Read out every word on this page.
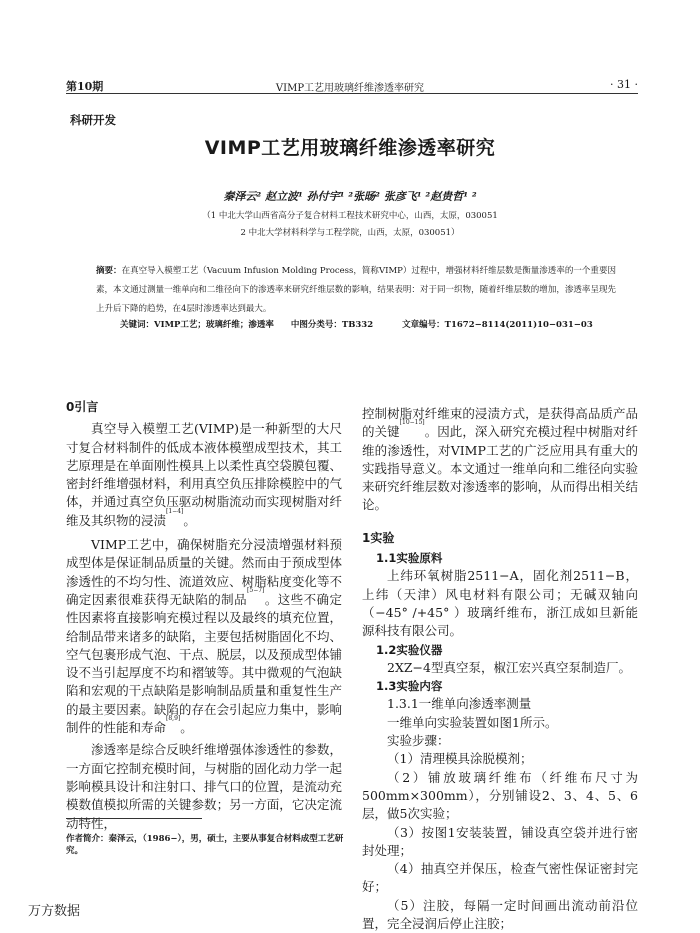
第10期	VIMP工艺用玻璃纤维渗透率研究	· 31 ·
科研开发
VIMP工艺用玻璃纤维渗透率研究
秦泽云² 赵立波¹ 孙付宇¹ ²张旸² 张彦飞¹ ²赵贵哲¹ ²
（1 中北大学山西省高分子复合材料工程技术研究中心，山西，太原，030051
2 中北大学材料科学与工程学院，山西，太原，030051）
摘要：在真空导入模塑工艺（Vacuum Infusion Molding Process，简称VIMP）过程中，增强材料纤维层数是衡量渗透率的一个重要因素，本文通过测量一维单向和二维径向下的渗透率来研究纤维层数的影响，结果表明：对于同一织物，随着纤维层数的增加，渗透率呈现先上升后下降的趋势，在4层时渗透率达到最大。
关键词：VIMP工艺；玻璃纤维；渗透率 中图分类号：TB332	文章编号：T1672−8114(2011)10−031−03
0引言

真空导入模塑工艺(VIMP)是一种新型的大尺寸复合材料制件的低成本液体模塑成型技术，其工艺原理是在单面刚性模具上以柔性真空袋膜包覆、密封纤维增强材料，利用真空负压排除模腔中的气体，并通过真空负压驱动树脂流动而实现树脂对纤维及其织物的浸渍[1−4]。

VIMP工艺中，确保树脂充分浸渍增强材料预成型体是保证制品质量的关键。然而由于预成型体渗透性的不均匀性、流道效应、树脂粘度变化等不确定因素很难获得无缺陷的制品[5−7]。这些不确定性因素将直接影响充模过程以及最终的填充位置，给制品带来诸多的缺陷，主要包括树脂固化不均、空气包裹形成气泡、干点、脱层，以及预成型体铺设不当引起厚度不均和褶皱等。其中微观的气泡缺陷和宏观的干点缺陷是影响制品质量和重复性生产的最主要因素。缺陷的存在会引起应力集中，影响制件的性能和寿命[8,9]。

渗透率是综合反映纤维增强体渗透性的参数，一方面它控制充模时间，与树脂的固化动力学一起影响模具设计和注射口、排气口的位置，是流动充模数值模拟所需的关键参数；另一方面，它决定流动特性，

作者简介：秦泽云，（1986−），男，硕士，主要从事复合材料成型工艺研究。

控制树脂对纤维束的浸渍方式，是获得高品质产品的关键[10−15]。因此，深入研究充模过程中树脂对纤维的渗透性，对VIMP工艺的广泛应用具有重大的实践指导意义。本文通过一维单向和二维径向实验来研究纤维层数对渗透率的影响，从而得出相关结论。

1实验
1.1实验原料

上纬环氧树脂2511−A，固化剂2511−B，上纬（天津）风电材料有限公司；无碱双轴向（−45° /+45° ）玻璃纤维布，浙江成如旦新能源科技有限公司。

1.2实验仪器

2XZ−4型真空泵，椒江宏兴真空泵制造厂。

1.3实验内容

1.3.1一维单向渗透率测量

一维单向实验装置如图1所示。

实验步骤：

（1）清理模具涂脱模剂；

（2）铺放玻璃纤维布（纤维布尺寸为500mm×300mm），分别铺设2、3、4、5、6层，做5次实验；

（3）按图1安装装置，铺设真空袋并进行密封处理；

（4）抽真空并保压，检查气密性保证密封完好；

（5）注胶，每隔一定时间画出流动前沿位置，完全浸润后停止注胶；

万方数据
